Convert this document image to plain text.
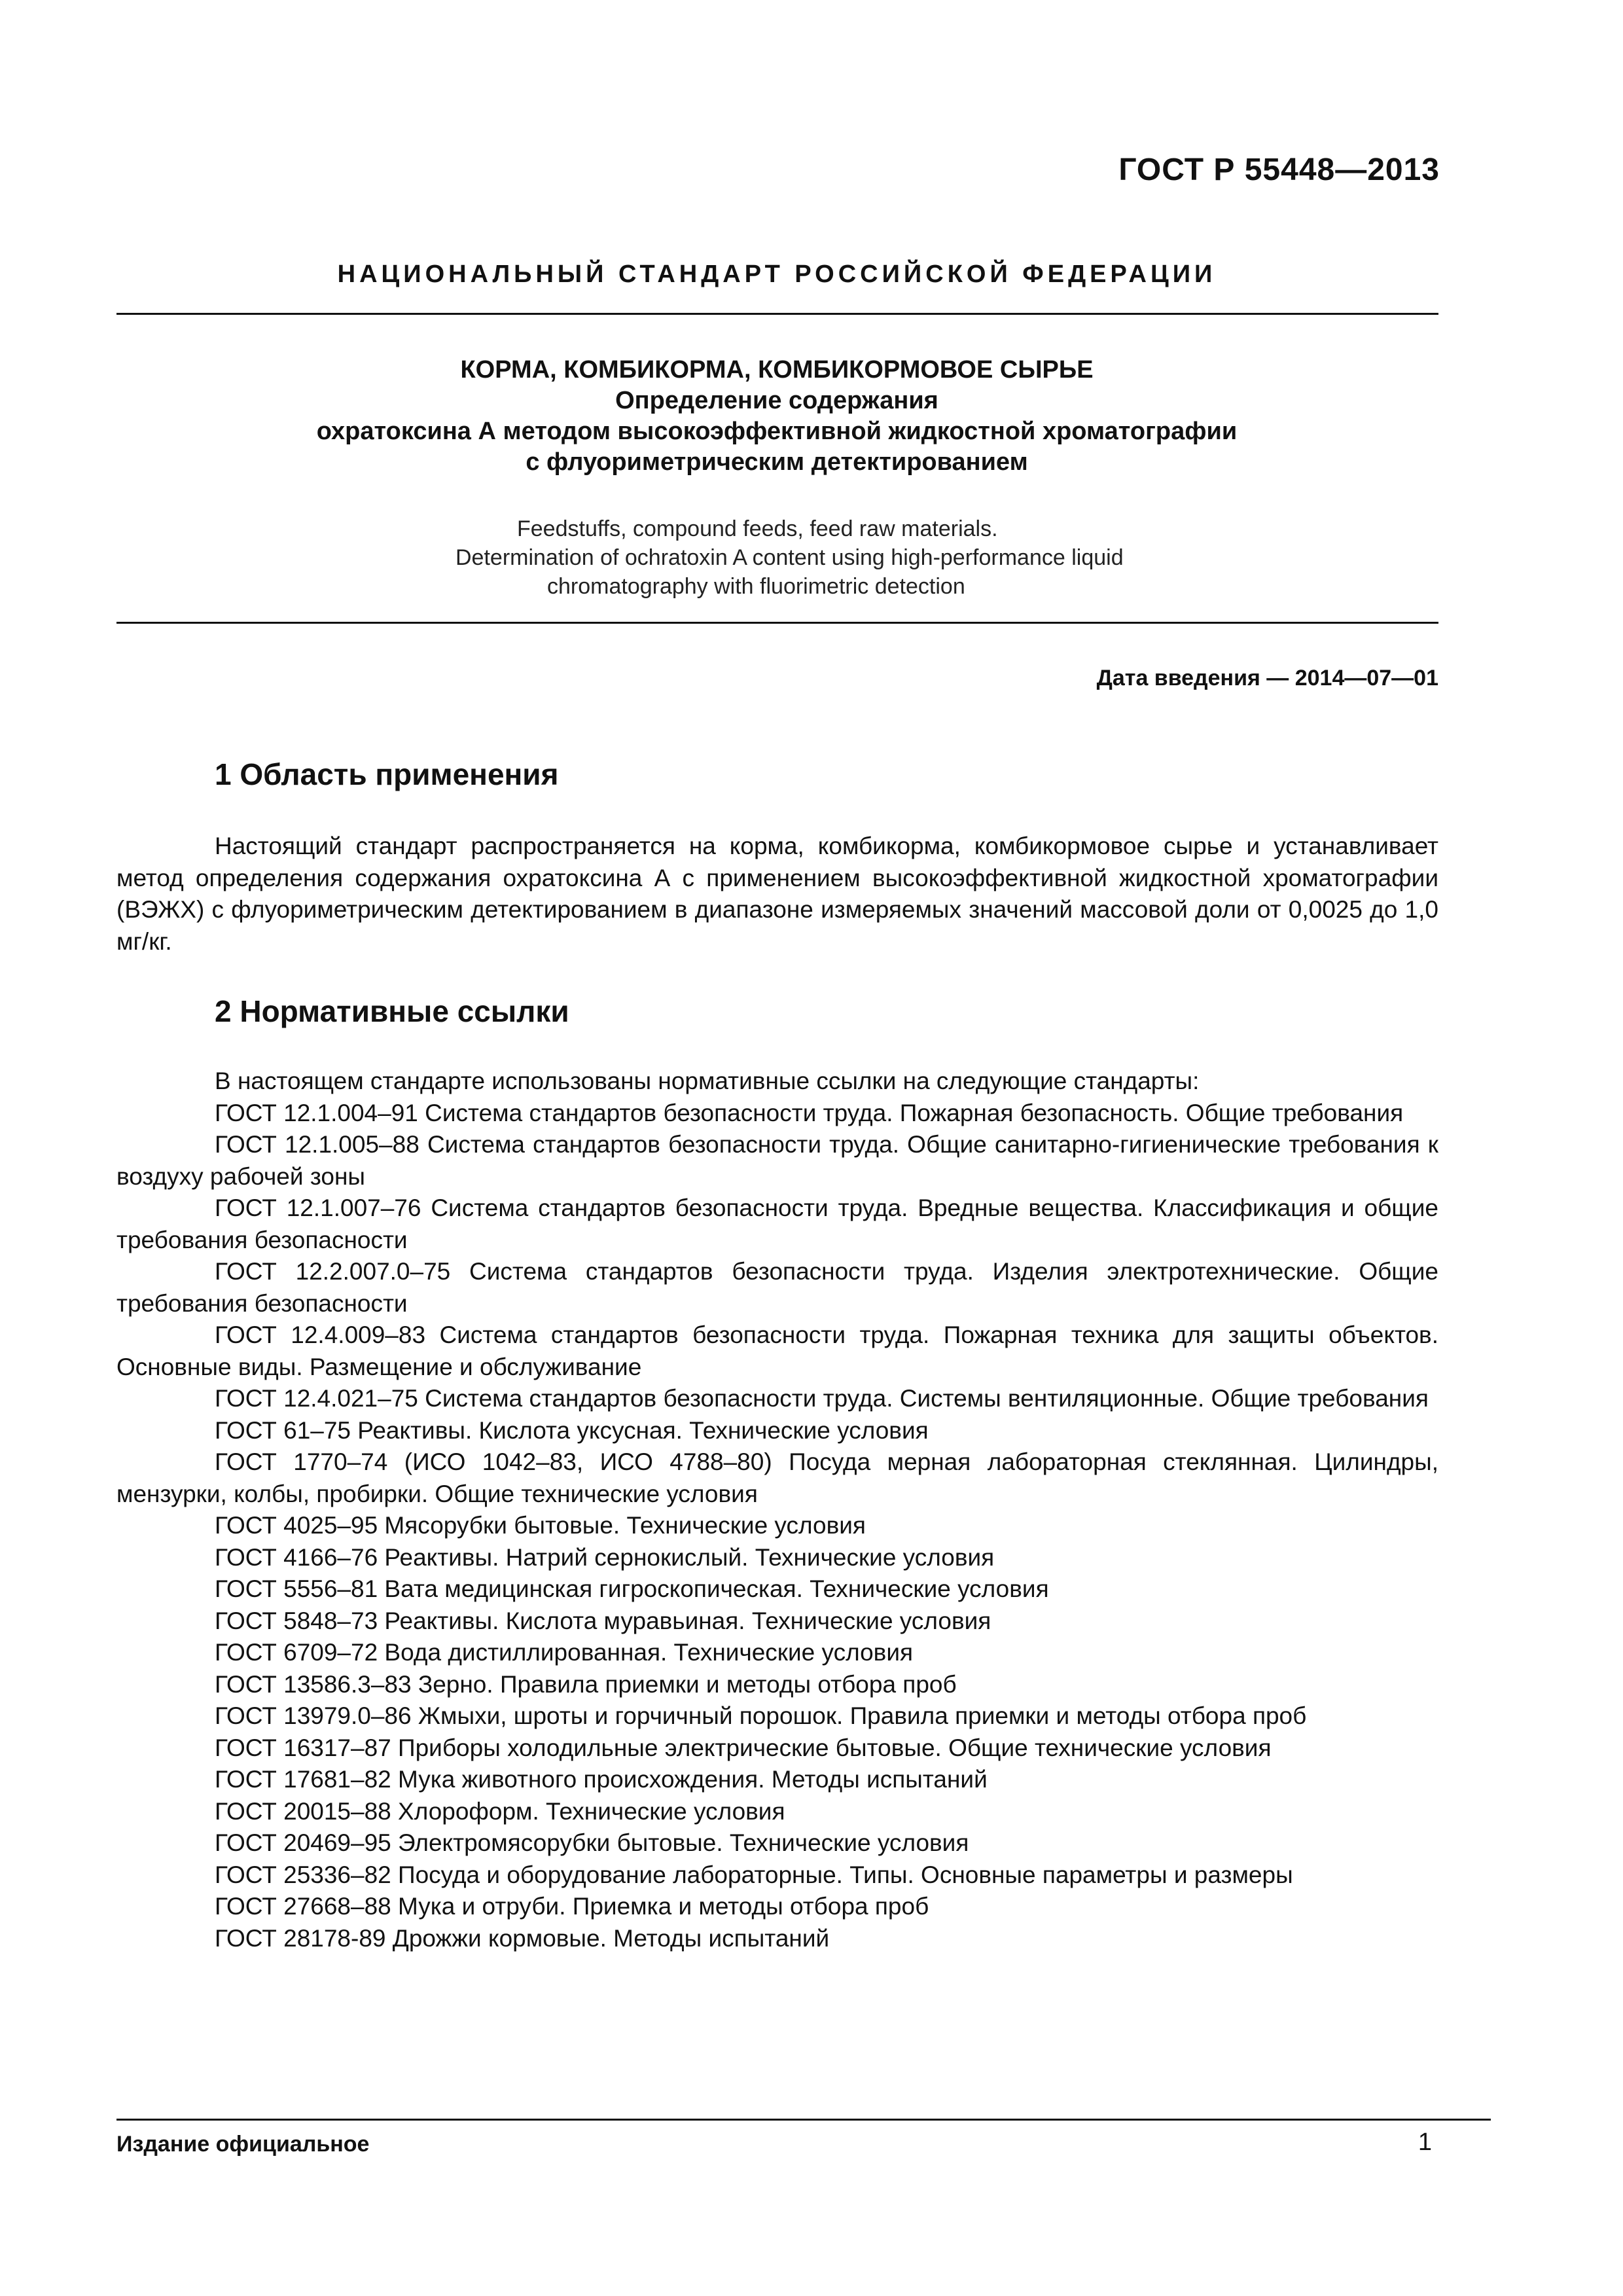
ГОСТ Р 55448—2013
НАЦИОНАЛЬНЫЙ СТАНДАРТ РОССИЙСКОЙ ФЕДЕРАЦИИ
КОРМА, КОМБИКОРМА, КОМБИКОРМОВОЕ СЫРЬЕ
Определение содержания
охратоксина А методом высокоэффективной жидкостной хроматографии
с флуориметрическим детектированием
Feedstuffs, compound feeds, feed raw materials.
Determination of ochratoxin A content using high-performance liquid
chromatography with fluorimetric detection
Дата введения — 2014—07—01
1 Область применения
Настоящий стандарт распространяется на корма, комбикорма, комбикормовое сырье и устанавливает метод определения содержания охратоксина А с применением высокоэффективной жидкостной хроматографии (ВЭЖХ) с флуориметрическим детектированием в диапазоне измеряемых значений массовой доли от 0,0025 до 1,0 мг/кг.
2 Нормативные ссылки

В настоящем стандарте использованы нормативные ссылки на следующие стандарты:

ГОСТ 12.1.004–91 Система стандартов безопасности труда. Пожарная безопасность. Общие требования

ГОСТ 12.1.005–88 Система стандартов безопасности труда. Общие санитарно-гигиенические требования к воздуху рабочей зоны

ГОСТ 12.1.007–76 Система стандартов безопасности труда. Вредные вещества. Классификация и общие требования безопасности

ГОСТ 12.2.007.0–75 Система стандартов безопасности труда. Изделия электротехнические. Общие требования безопасности

ГОСТ 12.4.009–83 Система стандартов безопасности труда. Пожарная техника для защиты объектов. Основные виды. Размещение и обслуживание

ГОСТ 12.4.021–75 Система стандартов безопасности труда. Системы вентиляционные. Общие требования

ГОСТ 61–75 Реактивы. Кислота уксусная. Технические условия

ГОСТ 1770–74 (ИСО 1042–83, ИСО 4788–80) Посуда мерная лабораторная стеклянная. Цилиндры, мензурки, колбы, пробирки. Общие технические условия

ГОСТ 4025–95 Мясорубки бытовые. Технические условия

ГОСТ 4166–76 Реактивы. Натрий сернокислый. Технические условия

ГОСТ 5556–81 Вата медицинская гигроскопическая. Технические условия

ГОСТ 5848–73 Реактивы. Кислота муравьиная. Технические условия

ГОСТ 6709–72 Вода дистиллированная. Технические условия

ГОСТ 13586.3–83 Зерно. Правила приемки и методы отбора проб

ГОСТ 13979.0–86 Жмыхи, шроты и горчичный порошок. Правила приемки и методы отбора проб

ГОСТ 16317–87 Приборы холодильные электрические бытовые. Общие технические условия

ГОСТ 17681–82 Мука животного происхождения. Методы испытаний

ГОСТ 20015–88 Хлороформ. Технические условия

ГОСТ 20469–95 Электромясорубки бытовые. Технические условия

ГОСТ 25336–82 Посуда и оборудование лабораторные. Типы. Основные параметры и размеры

ГОСТ 27668–88 Мука и отруби. Приемка и методы отбора проб

ГОСТ 28178-89 Дрожжи кормовые. Методы испытаний

Издание официальное	1
